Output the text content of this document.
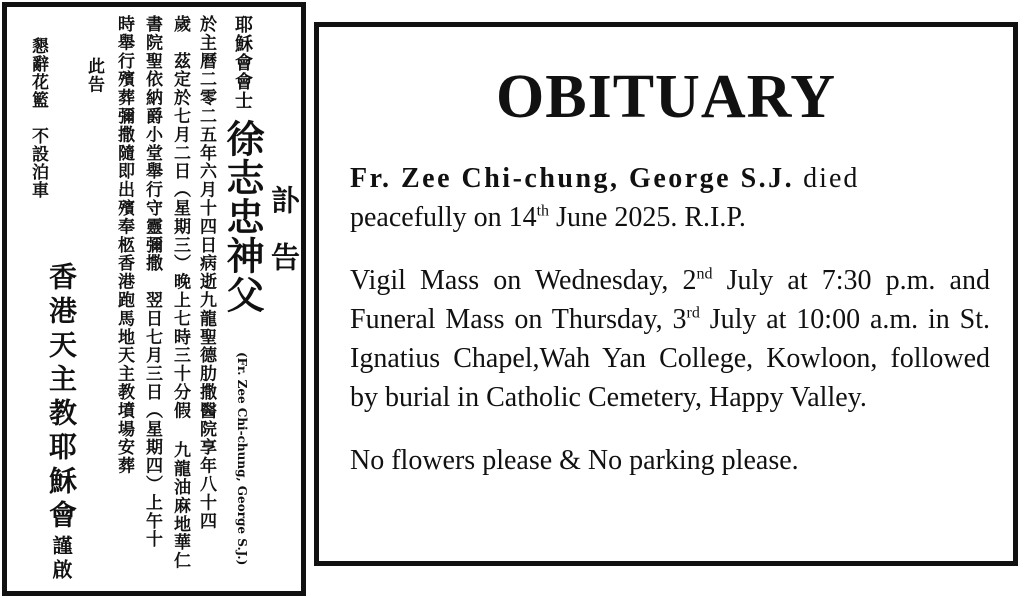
訃告
耶穌會會士
徐志忠神父
(Fr. Zee Chi-chung, George S.J.)
於主曆二零二五年六月十四日病逝九龍聖德肋撒醫院享年八十四
歲　茲定於七月二日（星期三）晚上七時三十分假 九龍油麻地華仁
書院聖依納爵小堂舉行守靈彌撒　翌日七月三日（星期四）上午十
時舉行殯葬彌撒隨即出殯奉柩香港跑馬地天主教墳場安葬
此告
懇辭花籃　不設泊車
香港天主教耶穌會
謹啟
OBITUARY

Fr. Zee Chi-chung, George S.J. died

peacefully on 14th June 2025. R.I.P.

Vigil Mass on Wednesday, 2nd July at 7:30 p.m. and Funeral Mass on Thursday, 3rd July at 10:00 a.m. in St. Ignatius Chapel,Wah Yan College, Kowloon, followed by burial in Catholic Cemetery, Happy Valley.

No flowers please & No parking please.
